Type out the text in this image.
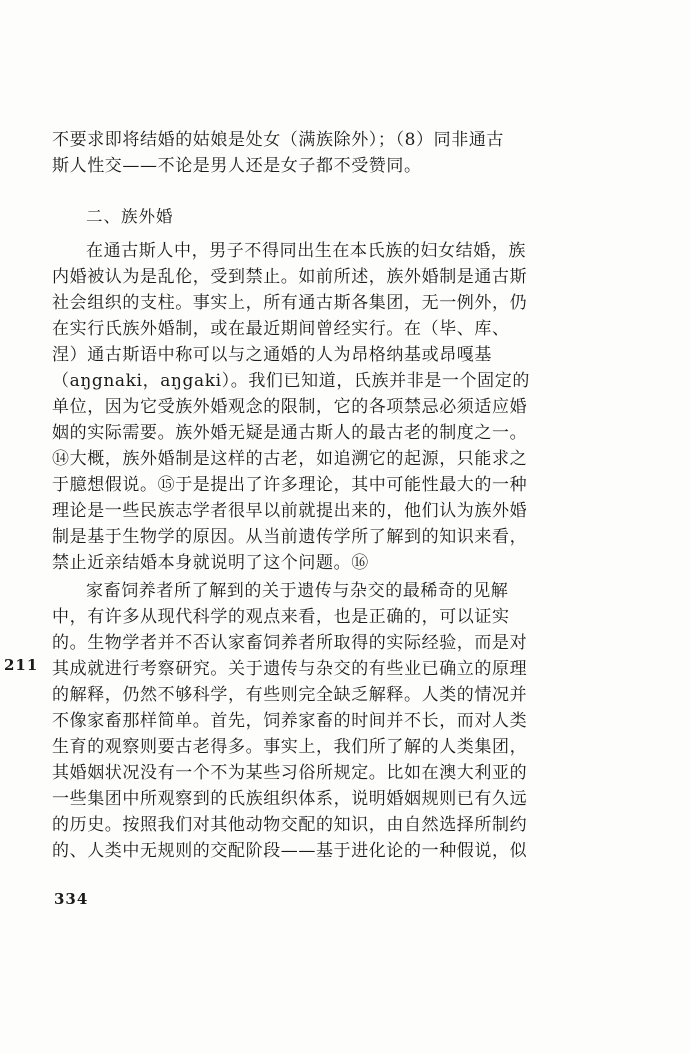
不要求即将结婚的姑娘是处女（满族除外）；（8）同非通古
斯人性交——不论是男人还是女子都不受赞同。
二、族外婚
在通古斯人中，男子不得同出生在本氏族的妇女结婚，族
内婚被认为是乱伦，受到禁止。如前所述，族外婚制是通古斯
社会组织的支柱。事实上，所有通古斯各集团，无一例外，仍
在实行氏族外婚制，或在最近期间曾经实行。在（毕、库、
涅）通古斯语中称可以与之通婚的人为昂格纳基或昂嘎基
（aŋgnaki，aŋgaki）。我们已知道，氏族并非是一个固定的
单位，因为它受族外婚观念的限制，它的各项禁忌必须适应婚
姻的实际需要。族外婚无疑是通古斯人的最古老的制度之一。
⑭大概，族外婚制是这样的古老，如追溯它的起源，只能求之
于臆想假说。⑮于是提出了许多理论，其中可能性最大的一种
理论是一些民族志学者很早以前就提出来的，他们认为族外婚
制是基于生物学的原因。从当前遗传学所了解到的知识来看，
禁止近亲结婚本身就说明了这个问题。⑯
家畜饲养者所了解到的关于遗传与杂交的最稀奇的见解
中，有许多从现代科学的观点来看，也是正确的，可以证实
的。生物学者并不否认家畜饲养者所取得的实际经验，而是对
其成就进行考察研究。关于遗传与杂交的有些业已确立的原理
的解释，仍然不够科学，有些则完全缺乏解释。人类的情况并
不像家畜那样简单。首先，饲养家畜的时间并不长，而对人类
生育的观察则要古老得多。事实上，我们所了解的人类集团，
其婚姻状况没有一个不为某些习俗所规定。比如在澳大利亚的
一些集团中所观察到的氏族组织体系，说明婚姻规则已有久远
的历史。按照我们对其他动物交配的知识，由自然选择所制约
的、人类中无规则的交配阶段——基于进化论的一种假说，似
211
334
